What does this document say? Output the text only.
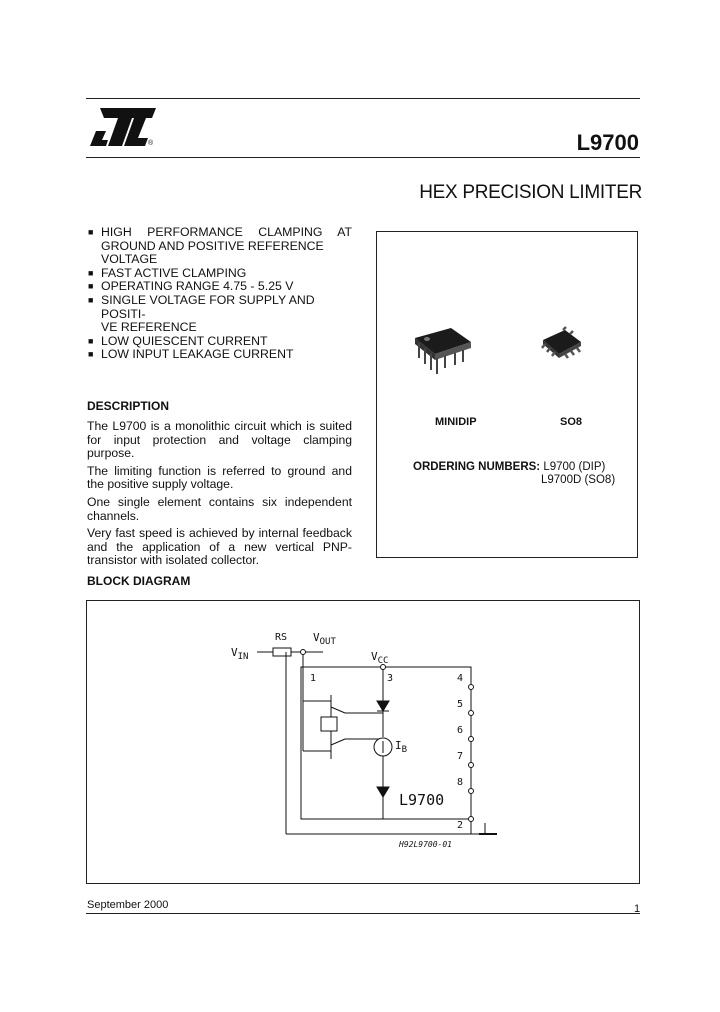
®	L9700
HEX PRECISION LIMITER
■ HIGH PERFORMANCE CLAMPING AT
GROUND AND POSITIVE REFERENCE
VOLTAGE
■ FAST ACTIVE CLAMPING
■ OPERATING RANGE 4.75 - 5.25 V
■ SINGLE VOLTAGE FOR SUPPLY AND POSITI-
VE REFERENCE
■ LOW QUIESCENT CURRENT
■ LOW INPUT LEAKAGE CURRENT
MINIDIP	SO8
ORDERING NUMBERS: L9700 (DIP)
L9700D (SO8)
DESCRIPTION

The L9700 is a monolithic circuit which is suited for input protection and voltage clamping purpose.

The limiting function is referred to ground and the positive supply voltage.

One single element contains six independent channels.

Very fast speed is achieved by internal feedback and the application of a new vertical PNP-transistor with isolated collector.

BLOCK DIAGRAM
$V_{IN}$
RS $V_{OUT}$
$V_{CC}$
$I_B$
L9700
1	3	4
5
6
7
8
2
H92L9700-01
September 2000	1
